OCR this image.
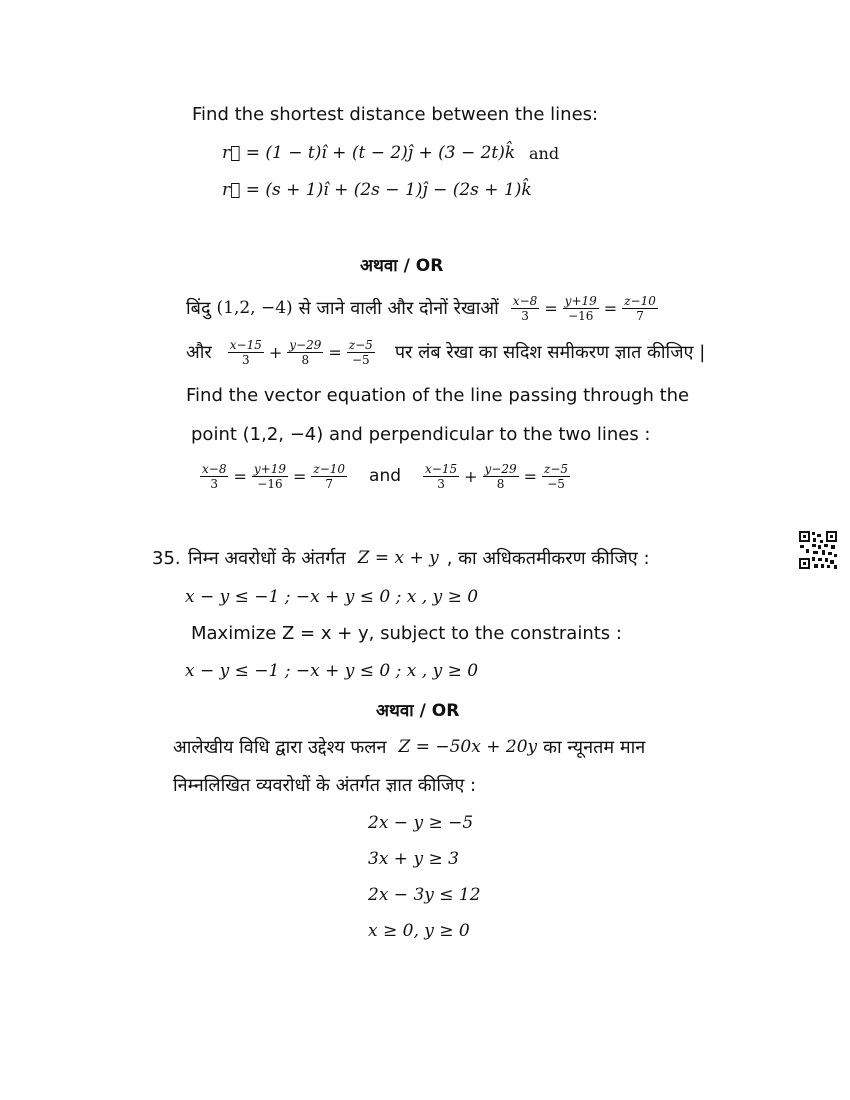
Find the shortest distance between the lines:
r⃗ = (1 − t)î + (t − 2)ĵ + (3 − 2t)k̂ and
r⃗ = (s + 1)î + (2s − 1)ĵ − (2s + 1)k̂
अथवा / OR
बिंदु (1,2, −4) से जाने वाली और दोनों रेखाओं $\frac{x-8}{3} = \frac{y+19}{-16} = \frac{z-10}{7}$
और $\frac{x-15}{3} + \frac{y-29}{8} = \frac{z-5}{-5}$ पर लंब रेखा का सदिश समीकरण ज्ञात कीजिए |
Find the vector equation of the line passing through the
point (1,2, −4) and perpendicular to the two lines :
$\frac{x-8}{3} = \frac{y+19}{-16} = \frac{z-10}{7}$ and $\frac{x-15}{3} + \frac{y-29}{8} = \frac{z-5}{-5}$
35. निम्न अवरोधों के अंतर्गत Z = x + y , का अधिकतमीकरण कीजिए :
x − y ≤ −1 ; −x + y ≤ 0 ; x , y ≥ 0
Maximize Z = x + y, subject to the constraints :
x − y ≤ −1 ; −x + y ≤ 0 ; x , y ≥ 0
अथवा / OR
आलेखीय विधि द्वारा उद्देश्य फलन Z = −50x + 20y का न्यूनतम मान
निम्नलिखित व्यवरोधों के अंतर्गत ज्ञात कीजिए :
2x − y ≥ −5
3x + y ≥ 3
2x − 3y ≤ 12
x ≥ 0, y ≥ 0
